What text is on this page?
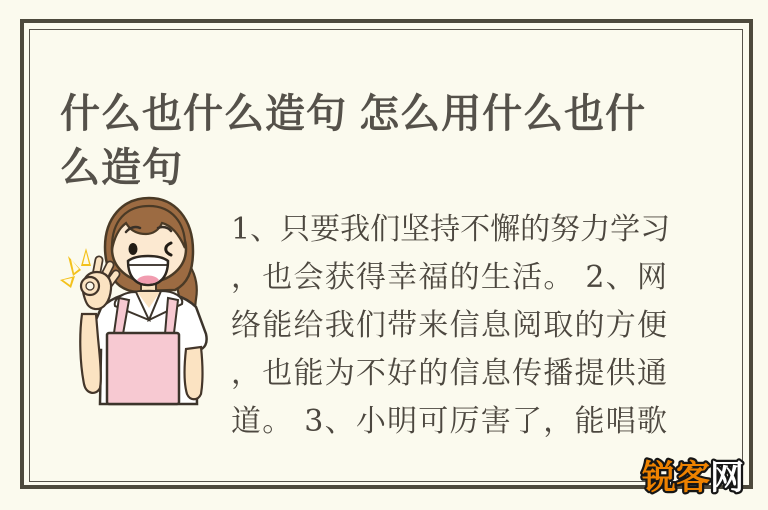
什么也什么造句 怎么用什么也什
么造句
1、只要我们坚持不懈的努力学习
，也会获得幸福的生活。 2、网
络能给我们带来信息阅取的方便
，也能为不好的信息传播提供通
道。 3、小明可厉害了，能唱歌
锐客网
